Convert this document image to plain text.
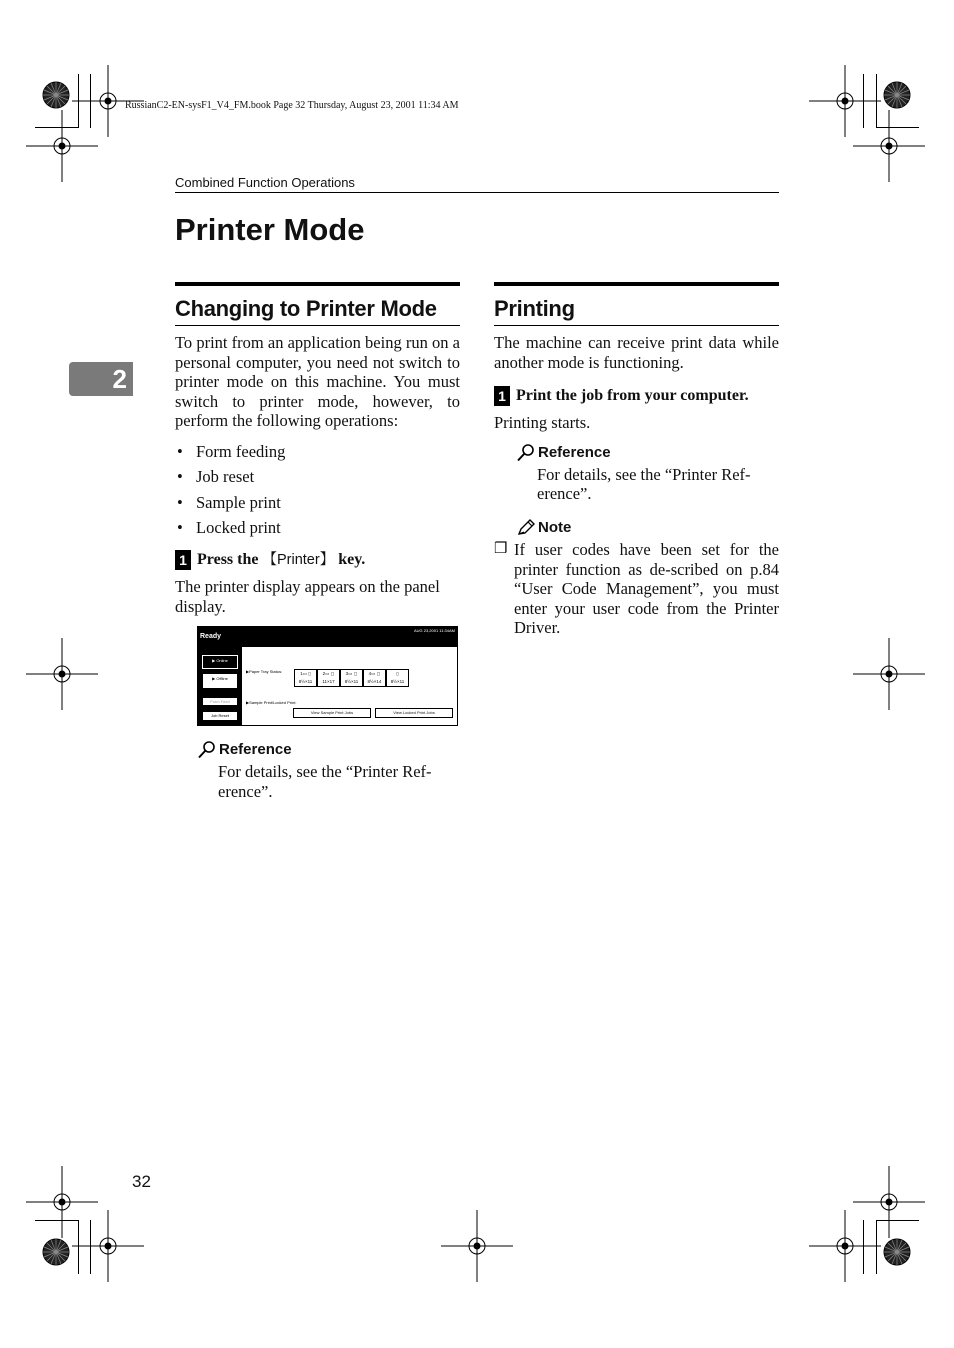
RussianC2-EN-sysF1_V4_FM.book Page 32 Thursday, August 23, 2001 11:34 AM
Combined Function Operations
Printer Mode
2
Changing to Printer Mode

To print from an application being run on a personal computer, you need not switch to printer mode on this machine. You must switch to printer mode, however, to perform the following operations:

• Form feeding
• Job reset
• Sample print
• Locked print
1 Press the 【Printer】 key.

The printer display appears on the panel display.

Ready
AUG 23,2001 11:34AM
▶ Online
▶ Offline
Form Feed
Job Reset
▶Paper Tray Status:	1▭ ▯
8½×11
2▭ ◻
11×17
3▭ ◻
8½×11
4▭ ◻
8½×14
▯
8½×11
▶Sample Print/Locked Print:
View Sample Print Jobs	View Locked Print Jobs
Reference

For details, see the “Printer Ref-erence”.

Printing

The machine can receive print data while another mode is functioning.

1 Print the job from your computer.

Printing starts.

Reference

For details, see the “Printer Ref-erence”.

Note
❒ If user codes have been set for the printer function as de-scribed on p.84 “User Code Management”, you must enter your user code from the Printer Driver.

32
